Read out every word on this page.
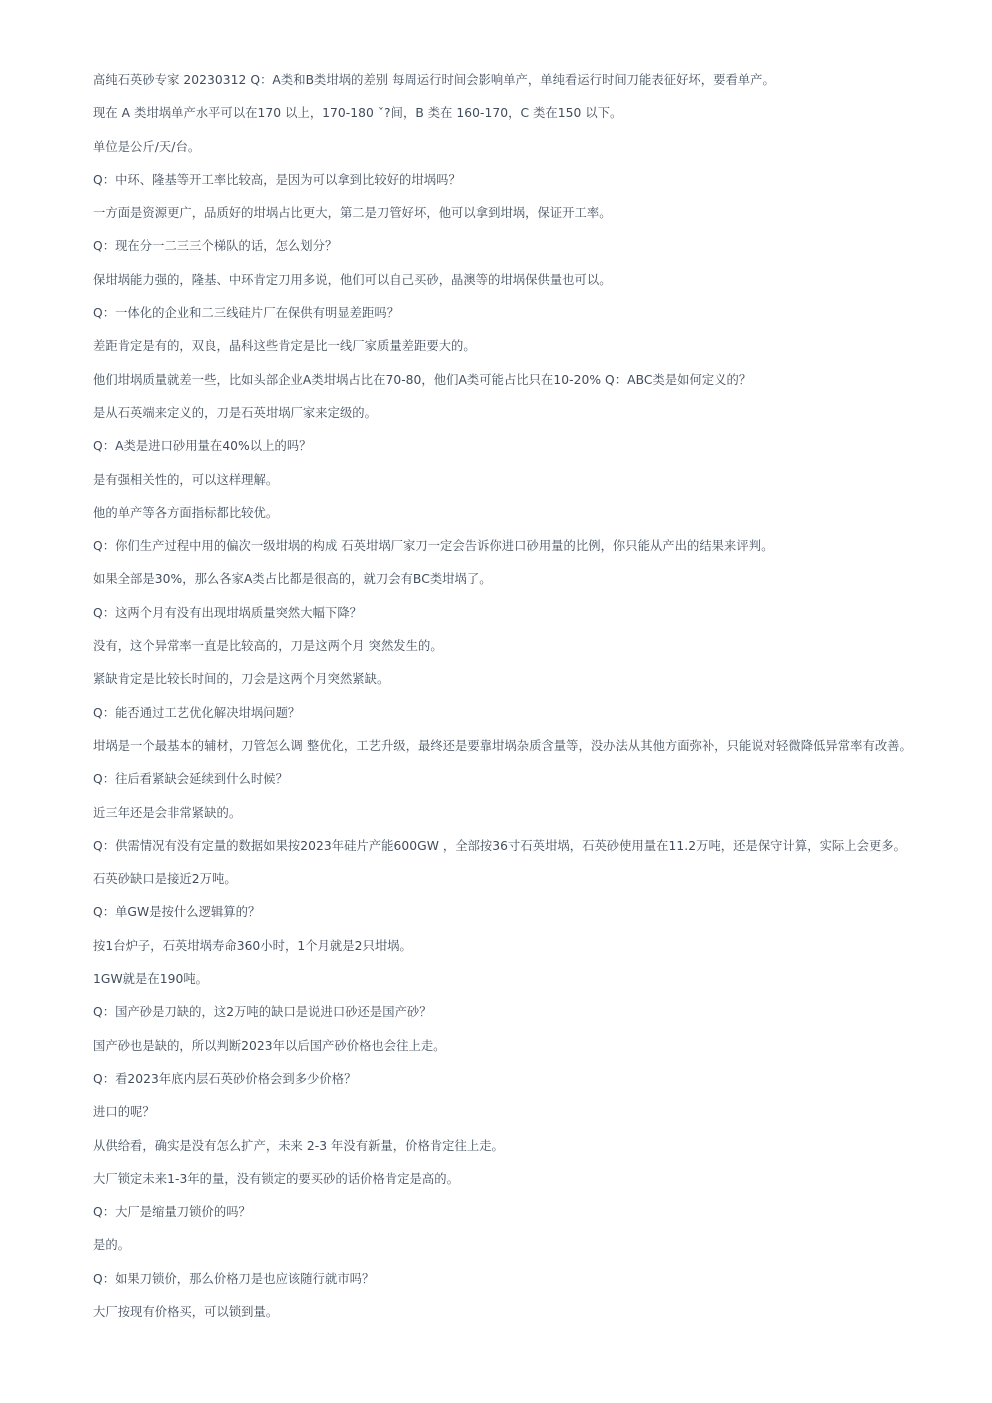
高纯石英砂专家 20230312 Q：A类和B类坩埚的差别 每周运行时间会影响单产，单纯看运行时间刀能表征好坏，要看单产。

现在 A 类坩埚单产水平可以在170 以上，170-180 ˇ?间，B 类在 160-170，C 类在150 以下。

单位是公斤/天/台。

Q：中环、隆基等开工率比较高，是因为可以拿到比较好的坩埚吗？

一方面是资源更广，品质好的坩埚占比更大，第二是刀管好坏，他可以拿到坩埚，保证开工率。

Q：现在分一二三三个梯队的话，怎么划分？

保坩埚能力强的，隆基、中环肯定刀用多说，他们可以自己买砂，晶澳等的坩埚保供量也可以。

Q：一体化的企业和二三线硅片厂在保供有明显差距吗？

差距肯定是有的，双良，晶科这些肯定是比一线厂家质量差距要大的。

他们坩埚质量就差一些，比如头部企业A类坩埚占比在70-80，他们A类可能占比只在10-20% Q：ABC类是如何定义的？

是从石英端来定义的，刀是石英坩埚厂家来定级的。

Q：A类是进口砂用量在40%以上的吗？

是有强相关性的，可以这样理解。

他的单产等各方面指标都比较优。

Q：你们生产过程中用的偏次一级坩埚的构成 石英坩埚厂家刀一定会告诉你进口砂用量的比例，你只能从产出的结果来评判。

如果全部是30%，那么各家A类占比都是很高的，就刀会有BC类坩埚了。

Q：这两个月有没有出现坩埚质量突然大幅下降？

没有，这个异常率一直是比较高的，刀是这两个月 突然发生的。

紧缺肯定是比较长时间的，刀会是这两个月突然紧缺。

Q：能否通过工艺优化解决坩埚问题？

坩埚是一个最基本的辅材，刀管怎么调 整优化，工艺升级，最终还是要靠坩埚杂质含量等，没办法从其他方面弥补，只能说对轻微降低异常率有改善。

Q：往后看紧缺会延续到什么时候？

近三年还是会非常紧缺的。

Q：供需情况有没有定量的数据如果按2023年硅片产能600GW ，全部按36寸石英坩埚，石英砂使用量在11.2万吨，还是保守计算，实际上会更多。

石英砂缺口是接近2万吨。

Q：单GW是按什么逻辑算的？

按1台炉子，石英坩埚寿命360小时，1个月就是2只坩埚。

1GW就是在190吨。

Q：国产砂是刀缺的，这2万吨的缺口是说进口砂还是国产砂？

国产砂也是缺的，所以判断2023年以后国产砂价格也会往上走。

Q：看2023年底内层石英砂价格会到多少价格？

进口的呢？

从供给看，确实是没有怎么扩产，未来 2-3 年没有新量，价格肯定往上走。

大厂锁定未来1-3年的量，没有锁定的要买砂的话价格肯定是高的。

Q：大厂是缩量刀锁价的吗？

是的。

Q：如果刀锁价，那么价格刀是也应该随行就市吗？

大厂按现有价格买，可以锁到量。
